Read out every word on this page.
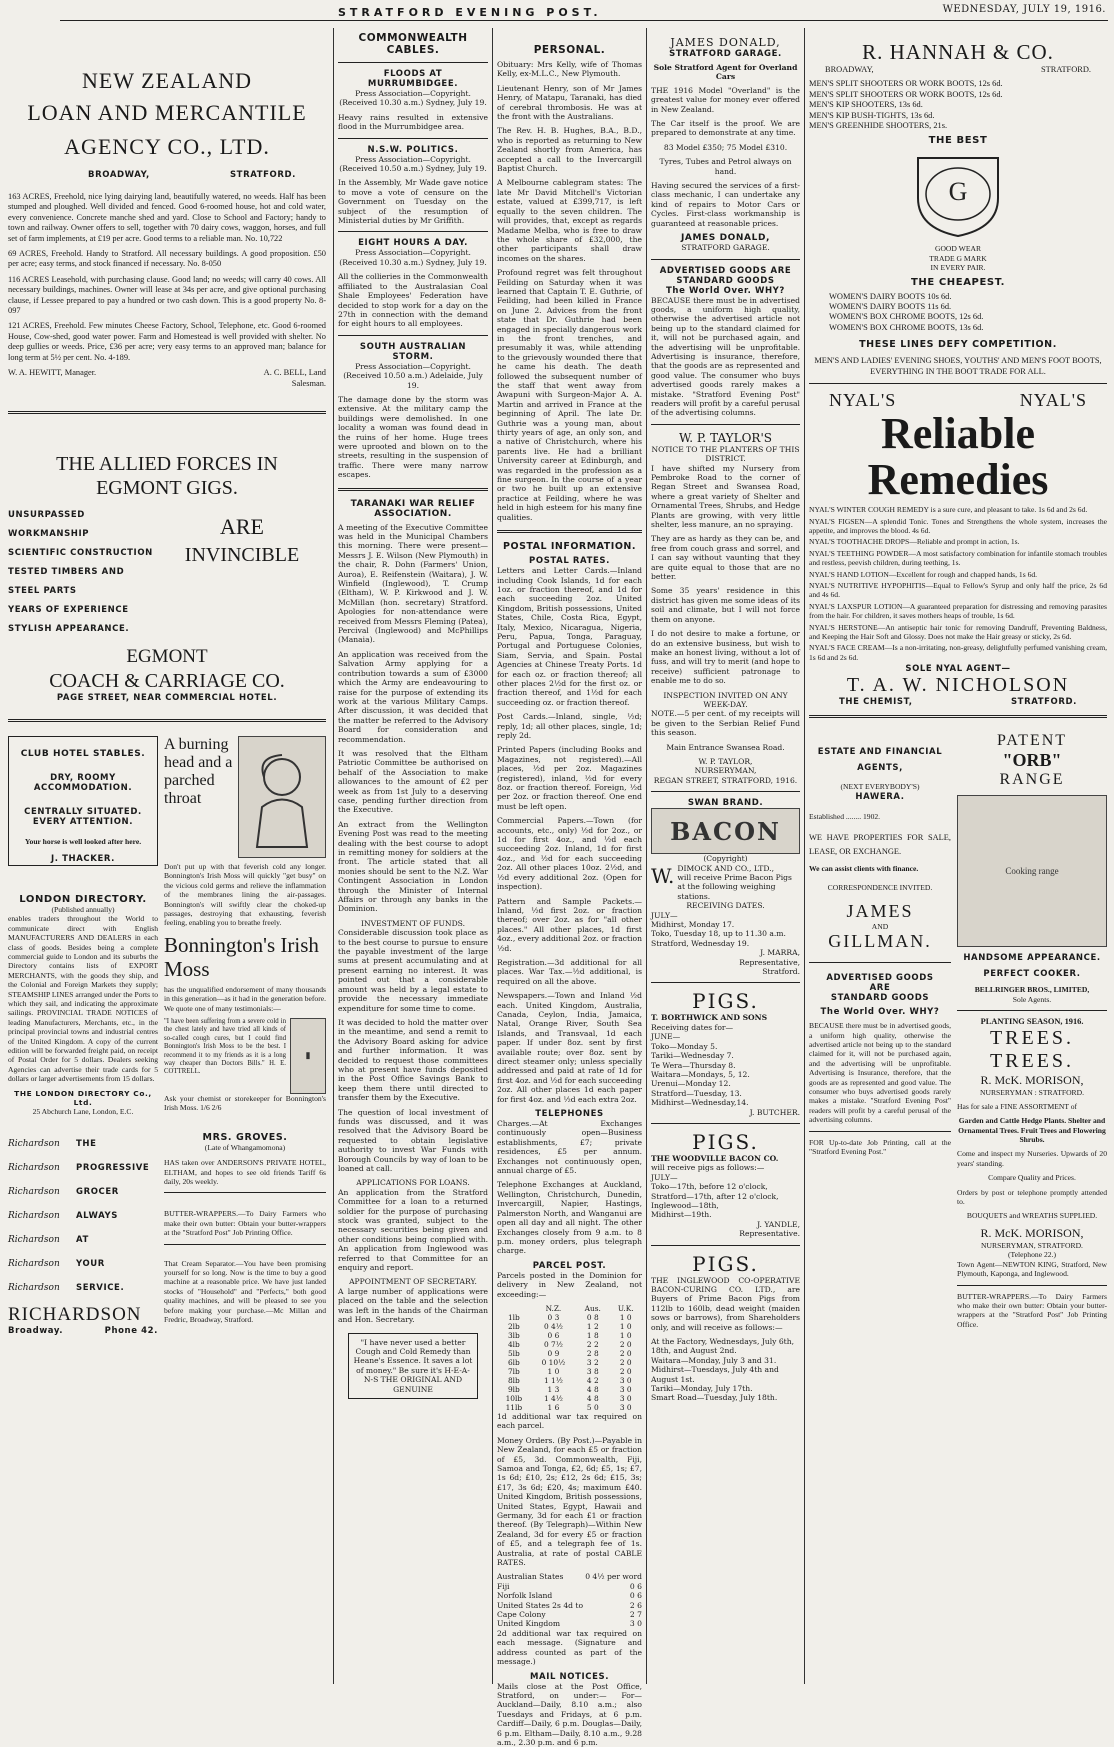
STRATFORD EVENING POST.	WEDNESDAY, JULY 19, 1916.
NEW ZEALAND
LOAN AND MERCANTILE
AGENCY CO., LTD.
BROADWAY,	STRATFORD.

163 ACRES, Freehold, nice lying dairying land, beautifully watered, no weeds. Half has been stumped and ploughed. Well divided and fenced. Good 6-roomed house, hot and cold water, every convenience. Concrete manche shed and yard. Close to School and Factory; handy to town and railway. Owner offers to sell, together with 70 dairy cows, waggon, horses, and full set of farm implements, at £19 per acre. Good terms to a reliable man. No. 10,722

69 ACRES, Freehold. Handy to Stratford. All necessary buildings. A good proposition. £50 per acre; easy terms, and stock financed if necessary. No. 8-050

116 ACRES Leasehold, with purchasing clause. Good land; no weeds; will carry 40 cows. All necessary buildings, machines. Owner will lease at 34s per acre, and give optional purchasing clause, if Lessee prepared to pay a hundred or two cash down. This is a good property No. 8-097

121 ACRES, Freehold. Few minutes Cheese Factory, School, Telephone, etc. Good 6-roomed House, Cow-shed, good water power. Farm and Homestead is well provided with shelter. No deep gullies or weeds. Price, £36 per acre; very easy terms to an approved man; balance for long term at 5½ per cent. No. 4-189.

W. A. HEWITT, Manager.	A. C. BELL, Land Salesman.
THE ALLIED FORCES IN
EGMONT GIGS.
UNSURPASSED WORKMANSHIP
SCIENTIFIC CONSTRUCTION
TESTED TIMBERS AND
STEEL PARTS
YEARS OF EXPERIENCE
STYLISH APPEARANCE.
ARE
INVINCIBLE
EGMONT
COACH & CARRIAGE CO.
PAGE STREET, NEAR COMMERCIAL HOTEL.
CLUB HOTEL STABLES.
DRY, ROOMY ACCOMMODATION.
CENTRALLY SITUATED. EVERY ATTENTION.
Your horse is well looked after here.
J. THACKER.
LONDON DIRECTORY.
(Published annually)

enables traders throughout the World to communicate direct with English MANUFACTURERS AND DEALERS in each class of goods. Besides being a complete commercial guide to London and its suburbs the Directory contains lists of EXPORT MERCHANTS, with the goods they ship, and the Colonial and Foreign Markets they supply; STEAMSHIP LINES arranged under the Ports to which they sail, and indicating the approximate sailings. PROVINCIAL TRADE NOTICES of leading Manufacturers, Merchants, etc., in the principal provincial towns and industrial centres of the United Kingdom. A copy of the current edition will be forwarded freight paid, on receipt of Postal Order for 5 dollars. Dealers seeking Agencies can advertise their trade cards for 5 dollars or larger advertisements from 15 dollars.

THE LONDON DIRECTORY Co., Ltd.
25 Abchurch Lane, London, E.C.
A burning head and a parched throat

Don't put up with that feverish cold any longer. Bonnington's Irish Moss will quickly "get busy" on the vicious cold germs and relieve the inflammation of the membranes lining the air-passages. Bonnington's will swiftly clear the choked-up passages, destroying that exhausting, feverish feeling, enabling you to breathe freely.

Bonnington's Irish Moss

has the unqualified endorsement of many thousands in this generation—as it had in the generation before. We quote one of many testimonials:—

"I have been suffering from a severe cold in the chest lately and have tried all kinds of so-called cough cures, but I could find Bonnington's Irish Moss to be the best. I recommend it to my friends as it is a long way cheaper than Doctors Bills." H. E. COTTRELL.

▮

Ask your chemist or storekeeper for Bonnington's Irish Moss. 1/6 2/6

Richardson	THE
Richardson	PROGRESSIVE
Richardson	GROCER
Richardson	ALWAYS
Richardson	AT
Richardson	YOUR
Richardson	SERVICE.
RICHARDSON
Broadway.	Phone 42.
MRS. GROVES.
(Late of Whangamomona)

HAS taken over ANDERSON'S PRIVATE HOTEL, ELTHAM, and hopes to see old friends Tariff 6s daily, 20s weekly.

BUTTER-WRAPPERS.—To Dairy Farmers who make their own butter: Obtain your butter-wrappers at the "Stratford Post" Job Printing Office.

That Cream Separator.—You have been promising yourself for so long. Now is the time to buy a good machine at a reasonable price. We have just landed stocks of "Household" and "Perfects," both good quality machines, and will be pleased to see you before making your purchase.—Mc Millan and Fredric, Broadway, Stratford.

COMMONWEALTH CABLES.
FLOODS AT MURRUMBIDGEE.

Press Association—Copyright. (Received 10.30 a.m.) Sydney, July 19.

Heavy rains resulted in extensive flood in the Murrumbidgee area.

N.S.W. POLITICS.

Press Association—Copyright. (Received 10.50 a.m.) Sydney, July 19.

In the Assembly, Mr Wade gave notice to move a vote of censure on the Government on Tuesday on the subject of the resumption of Ministerial duties by Mr Griffith.

EIGHT HOURS A DAY.

Press Association—Copyright. (Received 10.30 a.m.) Sydney, July 19.

All the collieries in the Commonwealth affiliated to the Australasian Coal Shale Employees' Federation have decided to stop work for a day on the 27th in connection with the demand for eight hours to all employees.

SOUTH AUSTRALIAN STORM.

Press Association—Copyright. (Received 10.50 a.m.) Adelaide, July 19.

The damage done by the storm was extensive. At the military camp the buildings were demolished. In one locality a woman was found dead in the ruins of her home. Huge trees were uprooted and blown on to the streets, resulting in the suspension of traffic. There were many narrow escapes.

TARANAKI WAR RELIEF ASSOCIATION.

A meeting of the Executive Committee was held in the Municipal Chambers this morning. There were present—Messrs J. E. Wilson (New Plymouth) in the chair, R. Dohn (Farmers' Union, Auroa), E. Reifenstein (Waitara), J. W. Winfield (Inglewood), T. Crump (Eltham), W. P. Kirkwood and J. W. McMillan (hon. secretary) Stratford. Apologies for non-attendance were received from Messrs Fleming (Patea), Percival (Inglewood) and McPhillips (Manaia).

An application was received from the Salvation Army applying for a contribution towards a sum of £3000 which the Army are endeavouring to raise for the purpose of extending its work at the various Military Camps. After discussion, it was decided that the matter be referred to the Advisory Board for consideration and recommendation.

It was resolved that the Eltham Patriotic Committee be authorised on behalf of the Association to make allowances to the amount of £2 per week as from 1st July to a deserving case, pending further direction from the Executive.

An extract from the Wellington Evening Post was read to the meeting dealing with the best course to adopt in remitting money for soldiers at the front. The article stated that all monies should be sent to the N.Z. War Contingent Association in London through the Minister of Internal Affairs or through any banks in the Dominion.

INVESTMENT OF FUNDS.

Considerable discussion took place as to the best course to pursue to ensure the payable investment of the large sums at present accumulating and at present earning no interest. It was pointed out that a considerable amount was held by a legal estate to provide the necessary immediate expenditure for some time to come.

It was decided to hold the matter over in the meantime, and send a remit to the Advisory Board asking for advice and further information. It was decided to request those committees who at present have funds deposited in the Post Office Savings Bank to keep them there until directed to transfer them by the Executive.

The question of local investment of funds was discussed, and it was resolved that the Advisory Board be requested to obtain legislative authority to invest War Funds with Borough Councils by way of loan to be loaned at call.

APPLICATIONS FOR LOANS.

An application from the Stratford Committee for a loan to a returned soldier for the purpose of purchasing stock was granted, subject to the necessary securities being given and other conditions being complied with. An application from Inglewood was referred to that Committee for an enquiry and report.

APPOINTMENT OF SECRETARY.

A large number of applications were placed on the table and the selection was left in the hands of the Chairman and Hon. Secretary.

"I have never used a better Cough and Cold Remedy than Heane's Essence. It saves a lot of money." Be sure it's H-E-A-N-S THE ORIGINAL AND GENUINE
PERSONAL.

Obituary: Mrs Kelly, wife of Thomas Kelly, ex-M.L.C., New Plymouth.

Lieutenant Henry, son of Mr James Henry, of Matapu, Taranaki, has died of cerebral thrombosis. He was at the front with the Australians.

The Rev. H. B. Hughes, B.A., B.D., who is reported as returning to New Zealand shortly from America, has accepted a call to the Invercargill Baptist Church.

A Melbourne cablegram states: The late Mr David Mitchell's Victorian estate, valued at £399,717, is left equally to the seven children. The will provides, that, except as regards Madame Melba, who is free to draw the whole share of £32,000, the other participants shall draw incomes on the shares.

Profound regret was felt throughout Feilding on Saturday when it was learned that Captain T. E. Guthrie, of Feilding, had been killed in France on June 2. Advices from the front state that Dr. Guthrie had been engaged in specially dangerous work in the front trenches, and presumably it was, while attending to the grievously wounded there that he came his death. The death followed the subsequent number of the staff that went away from Awapuni with Surgeon-Major A. A. Martin and arrived in France at the beginning of April. The late Dr. Guthrie was a young man, about thirty years of age, an only son, and a native of Christchurch, where his parents live. He had a brilliant University career at Edinburgh, and was regarded in the profession as a fine surgeon. In the course of a year or two he built up an extensive practice at Feilding, where he was held in high esteem for his many fine qualities.

POSTAL INFORMATION.
POSTAL RATES.

Letters and Letter Cards.—Inland including Cook Islands, 1d for each 1oz. or fraction thereof, and 1d for each succeeding 2oz. United Kingdom, British possessions, United States, Chile, Costa Rica, Egypt, Italy, Mexico, Nicaragua, Nigeria, Peru, Papua, Tonga, Paraguay, Portugal and Portuguese Colonies, Siam, Servia, and Spain. Postal Agencies at Chinese Treaty Ports. 1d for each oz. or fraction thereof; all other places 2½d for the first oz. or fraction thereof, and 1½d for each succeeding oz. or fraction thereof.

Post Cards.—Inland, single, ½d; reply, 1d; all other places, single, 1d; reply 2d.

Printed Papers (including Books and Magazines, not registered).—All places, ½d per 2oz. Magazines (registered), inland, ½d for every 8oz. or fraction thereof. Foreign, ½d per 2oz. or fraction thereof. One end must be left open.

Commercial Papers.—Town (for accounts, etc., only) ½d for 2oz., or 1d for first 4oz., and ½d each succeeding 2oz. Inland, 1d for first 4oz., and ½d for each succeeding 2oz. All other places 10oz. 2½d, and ½d every additional 2oz. (Open for inspection).

Pattern and Sample Packets.—Inland, ½d first 2oz. or fraction thereof; over 2oz. as for "all other places." All other places, 1d first 4oz., every additional 2oz. or fraction ½d.

Registration.—3d additional for all places. War Tax.—½d additional, is required on all the above.

Newspapers.—Town and Inland ½d each. United Kingdom, Australia, Canada, Ceylon, India, Jamaica, Natal, Orange River, South Sea Islands, and Transvaal, 1d each paper. If under 8oz. sent by first available route; over 8oz. sent by direct steamer only; unless specially addressed and paid at rate of 1d for first 4oz. and ½d for each succeeding 2oz. All other places 1d each paper for first 4oz. and ½d each extra 2oz.

TELEPHONES

Charges.—At Exchanges continuously open—Business establishments, £7; private residences, £5 per annum. Exchanges not continuously open, annual charge of £5.

Telephone Exchanges at Auckland, Wellington, Christchurch, Dunedin, Invercargill, Napier, Hastings, Palmerston North, and Wanganui are open all day and all night. The other Exchanges closely from 9 a.m. to 8 p.m. money orders, plus telegraph charge.

PARCEL POST.

Parcels posted in the Dominion for delivery in New Zealand, not exceeding:—

	N.Z.	Aus.	U.K.
1lb	0 3	0 8	1 0
2lb	0 4½	1 2	1 0
3lb	0 6	1 8	1 0
4lb	0 7½	2 2	2 0
5lb	0 9	2 8	2 0
6lb	0 10½	3 2	2 0
7lb	1 0	3 8	2 0
8lb	1 1½	4 2	3 0
9lb	1 3	4 8	3 0
10lb	1 4½	4 8	3 0
11lb	1 6	5 0	3 0

1d additional war tax required on each parcel.

Money Orders. (By Post.)—Payable in New Zealand, for each £5 or fraction of £5, 3d. Commonwealth, Fiji, Samoa and Tonga, £2, 6d; £5, 1s; £7, 1s 6d; £10, 2s; £12, 2s 6d; £15, 3s; £17, 3s 6d; £20, 4s; maximum £40. United Kingdom, British possessions, United States, Egypt, Hawaii and Germany, 3d for each £1 or fraction thereof. (By Telegraph)—Within New Zealand, 3d for every £5 or fraction of £5, and a telegraph fee of 1s. Australia, at rate of postal CABLE RATES.

Australian States	0 4½ per word
Fiji	0 6
Norfolk Island	0 6
United States 2s 4d to	2 6
Cape Colony	2 7
United Kingdom	3 0

2d additional war tax required on each message. (Signature and address counted as part of the message.)

MAIL NOTICES.

Mails close at the Post Office, Stratford, on under:— For— Auckland—Daily, 8.10 a.m.; also Tuesdays and Fridays, at 6 p.m. Cardiff—Daily, 6 p.m. Douglas—Daily, 6 p.m. Eltham—Daily, 8.10 a.m., 9.28 a.m., 2.30 p.m. and 6 p.m.

JAMES DONALD,
STRATFORD GARAGE.
Sole Stratford Agent for Overland Cars

THE 1916 Model "Overland" is the greatest value for money ever offered in New Zealand.

The Car itself is the proof. We are prepared to demonstrate at any time.

83 Model £350; 75 Model £310.

Tyres, Tubes and Petrol always on hand.

Having secured the services of a first-class mechanic, I can undertake any kind of repairs to Motor Cars or Cycles. First-class workmanship is guaranteed at reasonable prices.

JAMES DONALD,
STRATFORD GARAGE.
ADVERTISED GOODS ARE STANDARD GOODS
The World Over. WHY?

BECAUSE there must be in advertised goods, a uniform high quality, otherwise the advertised article not being up to the standard claimed for it, will not be purchased again, and the advertising will be unprofitable. Advertising is insurance, therefore, that the goods are as represented and good value. The consumer who buys advertised goods rarely makes a mistake. "Stratford Evening Post" readers will profit by a careful perusal of the advertising columns.

W. P. TAYLOR'S
NOTICE TO THE PLANTERS OF THIS DISTRICT.

I have shifted my Nursery from Pembroke Road to the corner of Regan Street and Swansea Road, where a great variety of Shelter and Ornamental Trees, Shrubs, and Hedge Plants are growing, with very little shelter, less manure, an no spraying.

They are as hardy as they can be, and free from couch grass and sorrel, and I can say without vaunting that they are quite equal to those that are no better.

Some 35 years' residence in this district has given me some ideas of its soil and climate, but I will not force them on anyone.

I do not desire to make a fortune, or do an extensive business, but wish to make an honest living, without a lot of fuss, and will try to merit (and hope to receive) sufficient patronage to enable me to do so.

INSPECTION INVITED ON ANY WEEK-DAY.

NOTE.—5 per cent. of my receipts will be given to the Serbian Relief Fund this season.

Main Entrance Swansea Road.

W. P. TAYLOR,
NURSERYMAN,
REGAN STREET, STRATFORD, 1916.
SWAN BRAND.
BACON
(Copyright)
W. DIMOCK AND CO., LTD.,
will receive Prime Bacon Pigs at the following weighing stations.
RECEIVING DATES.
JULY—
Midhirst, Monday 17.
Toko, Tuesday 18, up to 11.30 a.m.
Stratford, Wednesday 19.
J. MARRA,
Representative,
Stratford.
PIGS.
T. BORTHWICK AND SONS
Receiving dates for—
JUNE—
Toko—Monday 5.
Tariki—Wednesday 7.
Te Wera—Thursday 8.
Waitara—Mondays, 5, 12.
Urenui—Monday 12.
Stratford—Tuesday, 13.
Midhirst—Wednesday,14.
J. BUTCHER.
PIGS.
THE WOODVILLE BACON CO.
will receive pigs as follows:—
JULY—
Toko—17th, before 12 o'clock,
Stratford—17th, after 12 o'clock,
Inglewood—18th,
Midhirst—19th.
J. YANDLE,
Representative.
PIGS.

THE INGLEWOOD CO-OPERATIVE BACON-CURING CO. LTD., are Buyers of Prime Bacon Pigs from 112lb to 160lb, dead weight (maiden sows or barrows), from Shareholders only, and will receive as follows:—

At the Factory, Wednesdays, July 6th, 18th, and August 2nd.
Waitara—Monday, July 3 and 31.
Midhirst—Tuesdays, July 4th and August 1st.
Tariki—Monday, July 17th.
Smart Road—Tuesday, July 18th.
R. HANNAH & CO.
BROADWAY,	STRATFORD.
MEN'S SPLIT SHOOTERS OR WORK BOOTS, 12s 6d.
MEN'S SPLIT SHOOTERS OR WORK BOOTS, 12s 6d.
MEN'S KIP SHOOTERS, 13s 6d.
MEN'S KIP BUSH-TIGHTS, 13s 6d.
MEN'S GREENHIDE SHOOTERS, 21s.
THE BEST
G
GOOD WEAR
TRADE G MARK
IN EVERY PAIR.
THE CHEAPEST.
WOMEN'S DAIRY BOOTS 10s 6d.
WOMEN'S DAIRY BOOTS 11s 6d.
WOMEN'S BOX CHROME BOOTS, 12s 6d.
WOMEN'S BOX CHROME BOOTS, 13s 6d.
THESE LINES DEFY COMPETITION.

MEN'S AND LADIES' EVENING SHOES, YOUTHS' AND MEN'S FOOT BOOTS, EVERYTHING IN THE BOOT TRADE FOR ALL.

NYAL'S	NYAL'S
Reliable
Remedies

NYAL'S WINTER COUGH REMEDY is a sure cure, and pleasant to take. 1s 6d and 2s 6d.

NYAL'S FIGSEN—A splendid Tonic. Tones and Strengthens the whole system, increases the appetite, and improves the blood. 4s 6d.

NYAL'S TOOTHACHE DROPS—Reliable and prompt in action, 1s.

NYAL'S TEETHING POWDER—A most satisfactory combination for infantile stomach troubles and restless, peevish children, during teething, 1s.

NYAL'S HAND LOTION—Excellent for rough and chapped hands, 1s 6d.

NYAL'S NUTRITIVE HYPOPHITIS—Equal to Fellow's Syrup and only half the price, 2s 6d and 4s 6d.

NYAL'S LAXSPUR LOTION—A guaranteed preparation for distressing and removing parasites from the hair. For children, it saves mothers heaps of trouble, 1s 6d.

NYAL'S HERSTONE—An antiseptic hair tonic for removing Dandruff, Preventing Baldness, and Keeping the Hair Soft and Glossy. Does not make the Hair greasy or sticky, 2s 6d.

NYAL'S FACE CREAM—Is a non-irritating, non-greasy, delightfully perfumed vanishing cream, 1s 6d and 2s 6d.

SOLE NYAL AGENT—
T. A. W. NICHOLSON
THE CHEMIST,	STRATFORD.
ESTATE AND FINANCIAL AGENTS,
(NEXT EVERYBODY'S)
HAWERA.
Established ........ 1902.

WE HAVE PROPERTIES FOR SALE, LEASE, OR EXCHANGE.

We can assist clients with finance.
CORRESPONDENCE INVITED.
JAMES
AND
GILLMAN.
ADVERTISED GOODS
ARE
STANDARD GOODS
The World Over. WHY?

BECAUSE there must be in advertised goods, a uniform high quality, otherwise the advertised article not being up to the standard claimed for it, will not be purchased again, and the advertising will be unprofitable. Advertising is Insurance, therefore, that the goods are as represented and good value. The consumer who buys advertised goods rarely makes a mistake. "Stratford Evening Post" readers will profit by a careful perusal of the advertising columns.

FOR Up-to-date Job Printing, call at the "Stratford Evening Post."

PATENT
"ORB"
RANGE
Cooking range
HANDSOME APPEARANCE.
PERFECT COOKER.
BELLRINGER BROS., LIMITED,
Sole Agents.
PLANTING SEASON, 1916.
TREES.
TREES.
R. McK. MORISON,
NURSERYMAN : STRATFORD.

Has for sale a FINE ASSORTMENT of

Garden and Cattle Hedge Plants. Shelter and Ornamental Trees. Fruit Trees and Flowering Shrubs.

Come and inspect my Nurseries. Upwards of 20 years' standing.

Compare Quality and Prices.

Orders by post or telephone promptly attended to.

BOUQUETS and WREATHS SUPPLIED.

R. McK. MORISON,
NURSERYMAN, STRATFORD.
(Telephone 22.)

Town Agent—NEWTON KING, Stratford, New Plymouth, Kaponga, and Inglewood.

BUTTER-WRAPPERS.—To Dairy Farmers who make their own butter: Obtain your butter-wrappers at the "Stratford Post" Job Printing Office.
